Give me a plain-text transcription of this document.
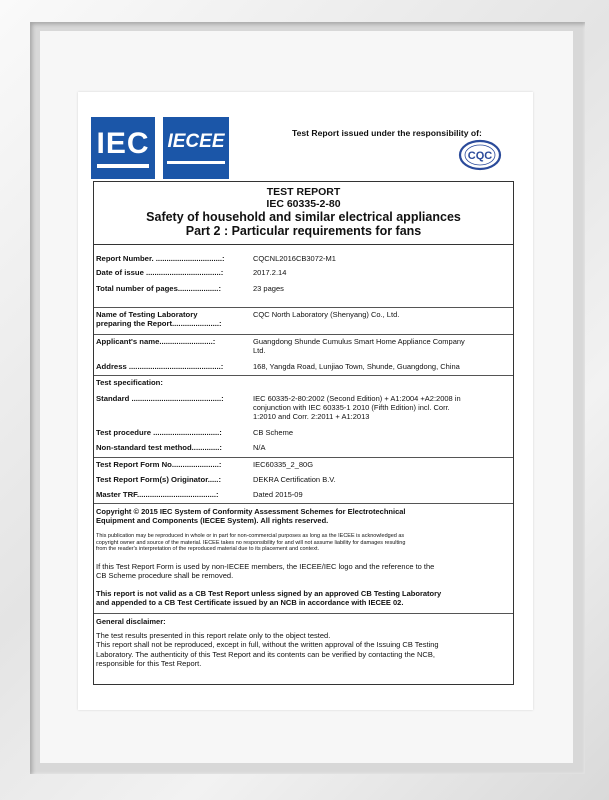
IEC IECEE	Test Report issued under the responsibility of:
CQC
TEST REPORT
IEC 60335-2-80
Safety of household and similar electrical appliances
Part 2 : Particular requirements for fans
Report Number. ...............................:	CQCNL2016CB3072-M1
Date of issue ...................................:	2017.2.14
Total number of pages...................:	23 pages
Name of Testing Laboratory	CQC North Laboratory (Shenyang) Co., Ltd.
preparing the Report......................:
Applicant's name.........................:	Guangdong Shunde Cumulus Smart Home Appliance Company
Ltd.
Address ...........................................:	168, Yangda Road, Lunjiao Town, Shunde, Guangdong, China
Test specification:
Standard ..........................................:	IEC 60335-2-80:2002 (Second Edition) + A1:2004 +A2:2008 in
conjunction with IEC 60335-1 2010 (Fifth Edition) incl. Corr.
1:2010 and Corr. 2:2011 + A1:2013
Test procedure ...............................:	CB Scheme
Non-standard test method.............:	N/A
Test Report Form No......................:	IEC60335_2_80G
Test Report Form(s) Originator.....:	DEKRA Certification B.V.
Master TRF.....................................:	Dated 2015-09
Copyright © 2015 IEC System of Conformity Assessment Schemes for Electrotechnical
Equipment and Components (IECEE System). All rights reserved.
This publication may be reproduced in whole or in part for non-commercial purposes as long as the IECEE is acknowledged as
copyright owner and source of the material. IECEE takes no responsibility for and will not assume liability for damages resulting
from the reader's interpretation of the reproduced material due to its placement and context.
If this Test Report Form is used by non-IECEE members, the IECEE/IEC logo and the reference to the
CB Scheme procedure shall be removed.
This report is not valid as a CB Test Report unless signed by an approved CB Testing Laboratory
and appended to a CB Test Certificate issued by an NCB in accordance with IECEE 02.
General disclaimer:
The test results presented in this report relate only to the object tested.
This report shall not be reproduced, except in full, without the written approval of the Issuing CB Testing
Laboratory. The authenticity of this Test Report and its contents can be verified by contacting the NCB,
responsible for this Test Report.
